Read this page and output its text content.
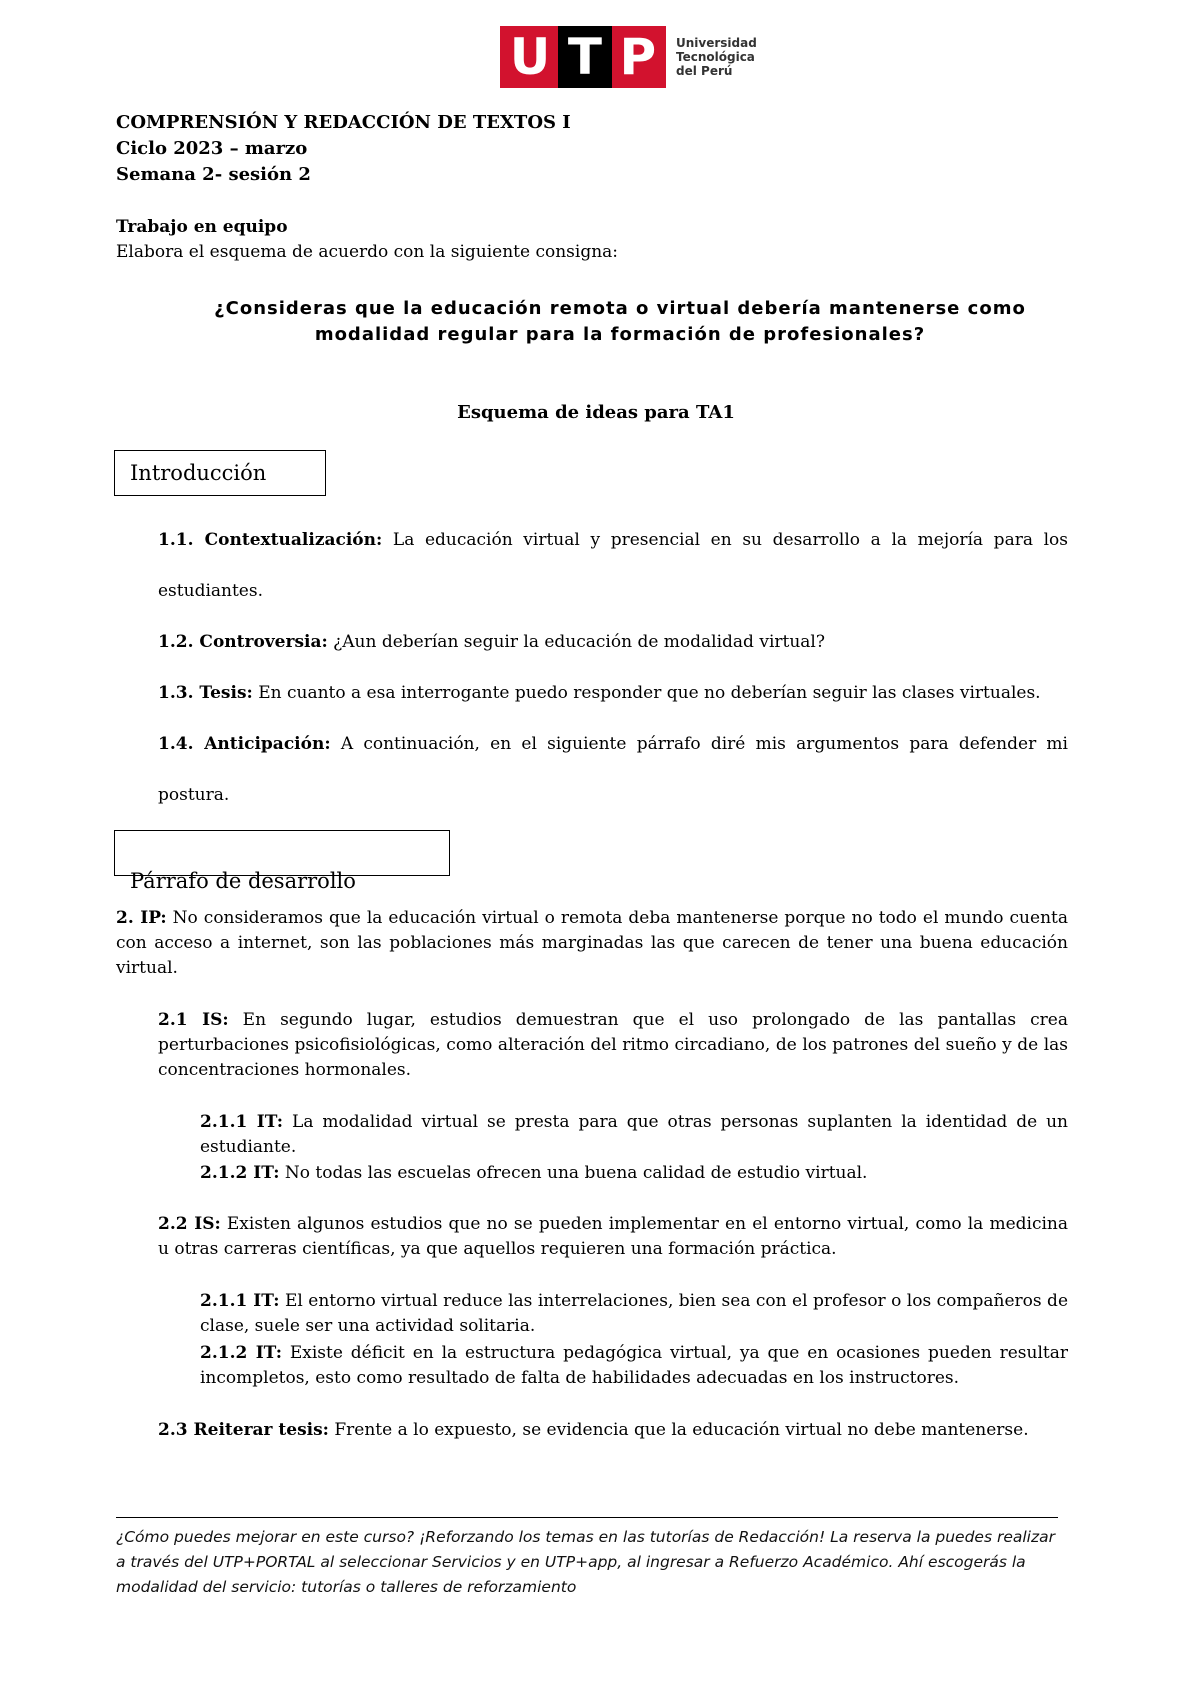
U T P Universidad
Tecnológica
del Perú
COMPRENSIÓN Y REDACCIÓN DE TEXTOS I
Ciclo 2023 – marzo
Semana 2- sesión 2
Trabajo en equipo
Elabora el esquema de acuerdo con la siguiente consigna:
¿Consideras que la educación remota o virtual debería mantenerse como
modalidad regular para la formación de profesionales?
Esquema de ideas para TA1
Introducción
1.1. Contextualización: La educación virtual y presencial en su desarrollo a la mejoría para los estudiantes.
1.2. Controversia: ¿Aun deberían seguir la educación de modalidad virtual?
1.3. Tesis: En cuanto a esa interrogante puedo responder que no deberían seguir las clases virtuales.
1.4. Anticipación: A continuación, en el siguiente párrafo diré mis argumentos para defender mi postura.
Párrafo de desarrollo
2. IP: No consideramos que la educación virtual o remota deba mantenerse porque no todo el mundo cuenta con acceso a internet, son las poblaciones más marginadas las que carecen de tener una buena educación virtual.
2.1 IS: En segundo lugar, estudios demuestran que el uso prolongado de las pantallas crea perturbaciones psicofisiológicas, como alteración del ritmo circadiano, de los patrones del sueño y de las concentraciones hormonales.
2.1.1 IT: La modalidad virtual se presta para que otras personas suplanten la identidad de un estudiante.
2.1.2 IT: No todas las escuelas ofrecen una buena calidad de estudio virtual.
2.2 IS: Existen algunos estudios que no se pueden implementar en el entorno virtual, como la medicina u otras carreras científicas, ya que aquellos requieren una formación práctica.
2.1.1 IT: El entorno virtual reduce las interrelaciones, bien sea con el profesor o los compañeros de clase, suele ser una actividad solitaria.
2.1.2 IT: Existe déficit en la estructura pedagógica virtual, ya que en ocasiones pueden resultar incompletos, esto como resultado de falta de habilidades adecuadas en los instructores.
2.3 Reiterar tesis: Frente a lo expuesto, se evidencia que la educación virtual no debe mantenerse.
¿Cómo puedes mejorar en este curso? ¡Reforzando los temas en las tutorías de Redacción! La reserva la puedes realizar a través del UTP+PORTAL al seleccionar Servicios y en UTP+app, al ingresar a Refuerzo Académico. Ahí escogerás la modalidad del servicio: tutorías o talleres de reforzamiento
